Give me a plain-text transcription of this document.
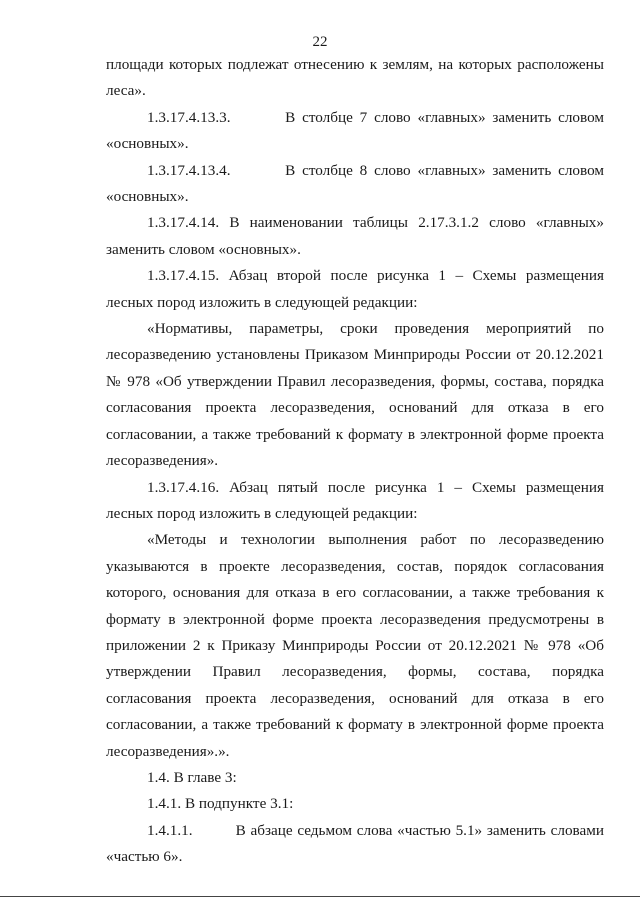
22

площади которых подлежат отнесению к землям, на которых расположены леса».

1.3.17.4.13.3.        В столбце 7 слово «главных» заменить словом «основных».

1.3.17.4.13.4.        В столбце 8 слово «главных» заменить словом «основных».

1.3.17.4.14. В наименовании таблицы 2.17.3.1.2 слово «главных» заменить словом «основных».

1.3.17.4.15. Абзац второй после рисунка 1 – Схемы размещения лесных пород изложить в следующей редакции:

«Нормативы, параметры, сроки проведения мероприятий по лесоразведению установлены Приказом Минприроды России от 20.12.2021 № 978 «Об утверждении Правил лесоразведения, формы, состава, порядка согласования проекта лесоразведения, оснований для отказа в его согласовании, а также требований к формату в электронной форме проекта лесоразведения».

1.3.17.4.16. Абзац пятый после рисунка 1 – Схемы размещения лесных пород изложить в следующей редакции:

«Методы и технологии выполнения работ по лесоразведению указываются в проекте лесоразведения, состав, порядок согласования которого, основания для отказа в его согласовании, а также требования к формату в электронной форме проекта лесоразведения предусмотрены в приложении 2 к Приказу Минприроды России от 20.12.2021 № 978 «Об утверждении Правил лесоразведения, формы, состава, порядка согласования проекта лесоразведения, оснований для отказа в его согласовании, а также требований к формату в электронной форме проекта лесоразведения».».

1.4. В главе 3:

1.4.1. В подпункте 3.1:

1.4.1.1.         В абзаце седьмом слова «частью 5.1» заменить словами «частью 6».
